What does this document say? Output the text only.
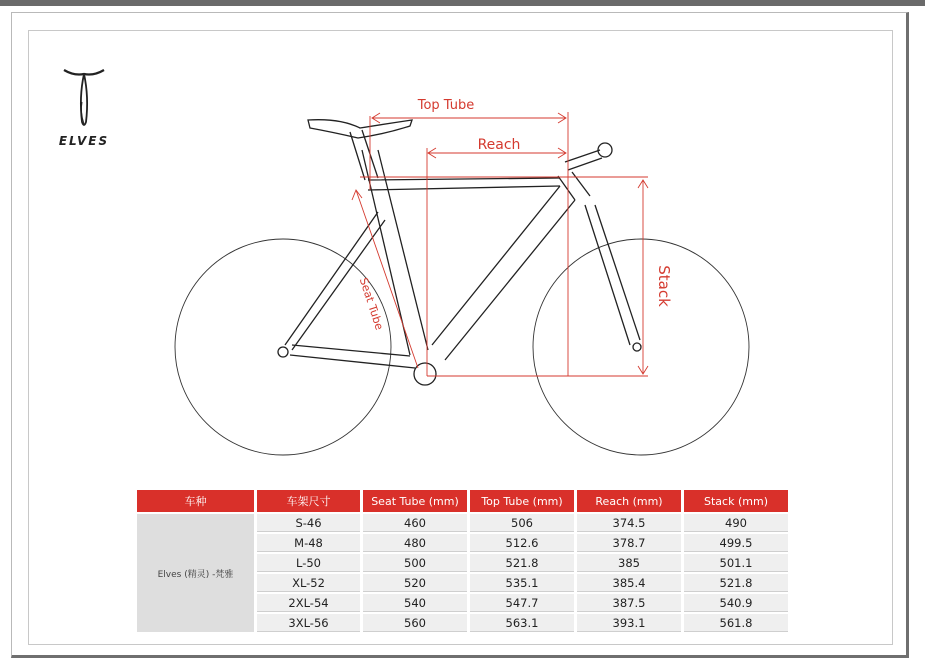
ELVES
Top Tube
Reach
Stack
Seat Tube
车种	车架尺寸	Seat Tube (mm)	Top Tube (mm)	Reach (mm)	Stack (mm)
Elves (精灵) -梵雅	S-46	460	506	374.5	490
	M-48	480	512.6	378.7	499.5
	L-50	500	521.8	385	501.1
	XL-52	520	535.1	385.4	521.8
	2XL-54	540	547.7	387.5	540.9
	3XL-56	560	563.1	393.1	561.8
